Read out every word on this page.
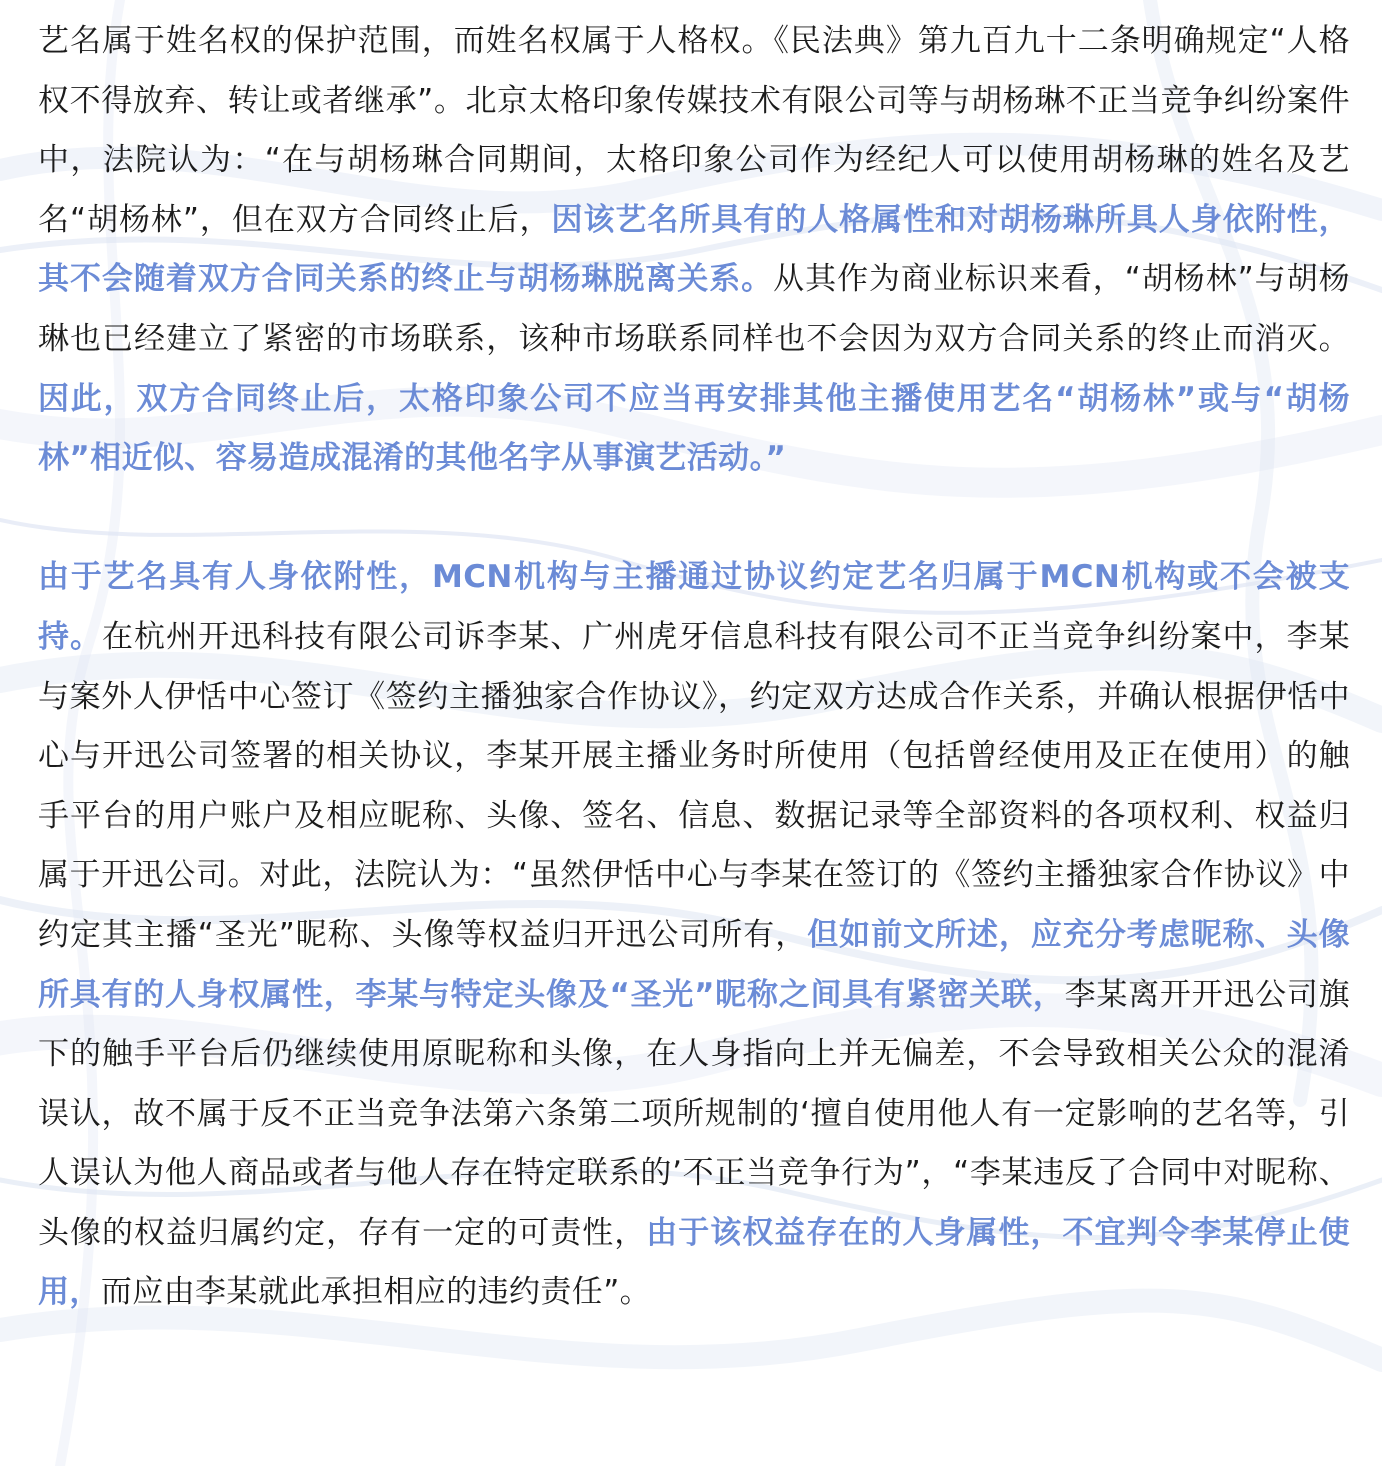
艺名属于姓名权的保护范围，而姓名权属于人格权。《民法典》第九百九十二条明确规定“人格权不得放弃、转让或者继承”。北京太格印象传媒技术有限公司等与胡杨琳不正当竞争纠纷案件中，法院认为：“在与胡杨琳合同期间，太格印象公司作为经纪人可以使用胡杨琳的姓名及艺名“胡杨林”，但在双方合同终止后，因该艺名所具有的人格属性和对胡杨琳所具人身依附性，其不会随着双方合同关系的终止与胡杨琳脱离关系。从其作为商业标识来看，“胡杨林”与胡杨琳也已经建立了紧密的市场联系，该种市场联系同样也不会因为双方合同关系的终止而消灭。因此，双方合同终止后，太格印象公司不应当再安排其他主播使用艺名“胡杨林”或与“胡杨林”相近似、容易造成混淆的其他名字从事演艺活动。”

由于艺名具有人身依附性，MCN机构与主播通过协议约定艺名归属于MCN机构或不会被支持。在杭州开迅科技有限公司诉李某、广州虎牙信息科技有限公司不正当竞争纠纷案中，李某与案外人伊恬中心签订《签约主播独家合作协议》，约定双方达成合作关系，并确认根据伊恬中心与开迅公司签署的相关协议，李某开展主播业务时所使用（包括曾经使用及正在使用）的触手平台的用户账户及相应昵称、头像、签名、信息、数据记录等全部资料的各项权利、权益归属于开迅公司。对此，法院认为：“虽然伊恬中心与李某在签订的《签约主播独家合作协议》中约定其主播“圣光”昵称、头像等权益归开迅公司所有，但如前文所述，应充分考虑昵称、头像所具有的人身权属性，李某与特定头像及“圣光”昵称之间具有紧密关联，李某离开开迅公司旗下的触手平台后仍继续使用原昵称和头像，在人身指向上并无偏差，不会导致相关公众的混淆误认，故不属于反不正当竞争法第六条第二项所规制的‘擅自使用他人有一定影响的艺名等，引人误认为他人商品或者与他人存在特定联系的’不正当竞争行为”，“李某违反了合同中对昵称、头像的权益归属约定，存有一定的可责性，由于该权益存在的人身属性，不宜判令李某停止使用，而应由李某就此承担相应的违约责任”。
